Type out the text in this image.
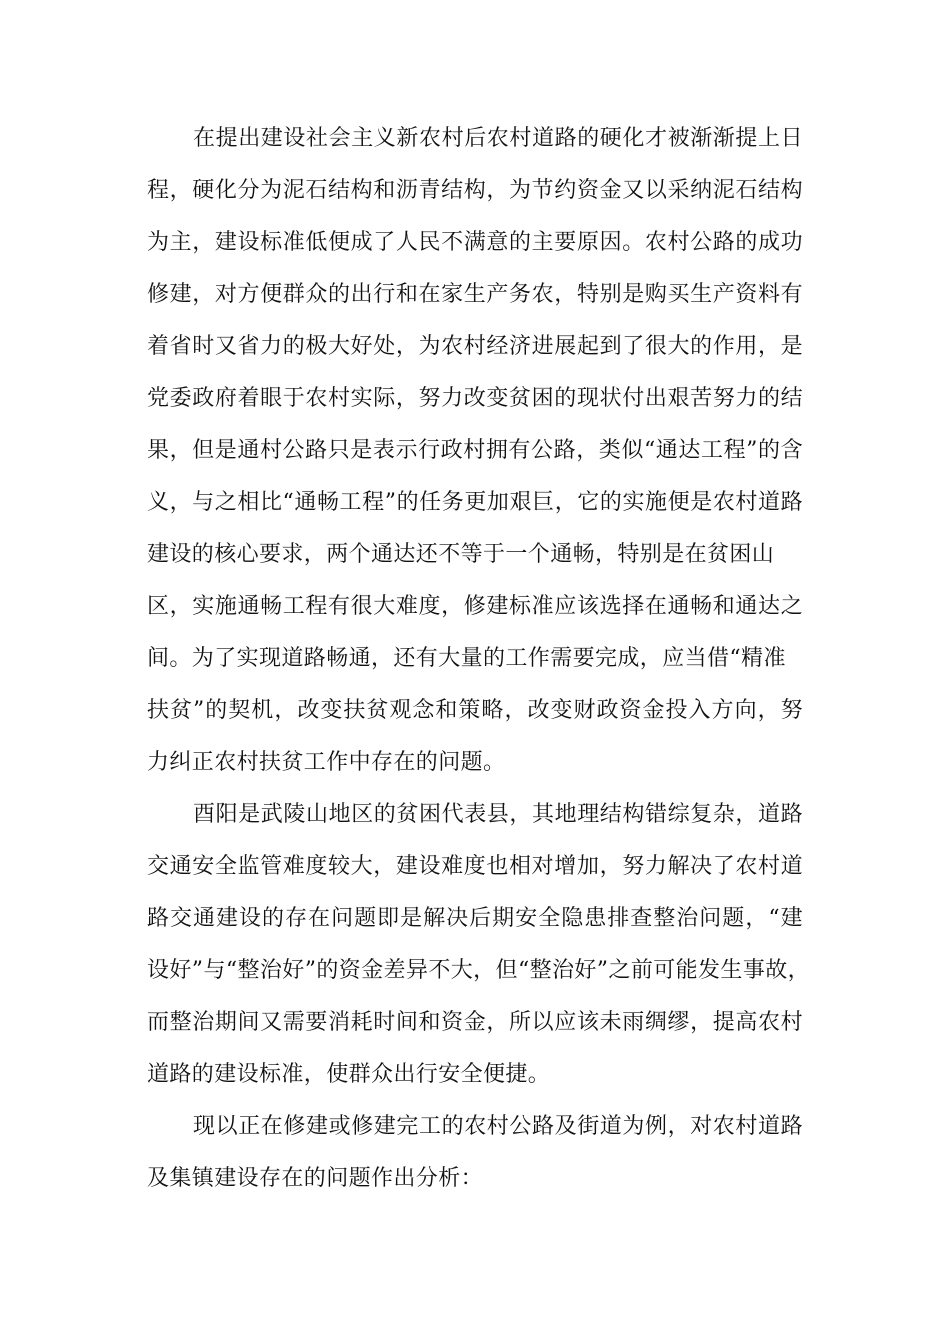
在提出建设社会主义新农村后农村道路的硬化才被渐渐提上日
程，硬化分为泥石结构和沥青结构，为节约资金又以采纳泥石结构
为主，建设标准低便成了人民不满意的主要原因。农村公路的成功
修建，对方便群众的出行和在家生产务农，特别是购买生产资料有
着省时又省力的极大好处，为农村经济进展起到了很大的作用，是
党委政府着眼于农村实际，努力改变贫困的现状付出艰苦努力的结
果，但是通村公路只是表示行政村拥有公路，类似“通达工程”的含
义，与之相比“通畅工程”的任务更加艰巨，它的实施便是农村道路
建设的核心要求，两个通达还不等于一个通畅，特别是在贫困山
区，实施通畅工程有很大难度，修建标准应该选择在通畅和通达之
间。为了实现道路畅通，还有大量的工作需要完成，应当借“精准
扶贫”的契机，改变扶贫观念和策略，改变财政资金投入方向，努
力纠正农村扶贫工作中存在的问题。
酉阳是武陵山地区的贫困代表县，其地理结构错综复杂，道路
交通安全监管难度较大，建设难度也相对增加，努力解决了农村道
路交通建设的存在问题即是解决后期安全隐患排查整治问题，“建
设好”与“整治好”的资金差异不大，但“整治好”之前可能发生事故，
而整治期间又需要消耗时间和资金，所以应该未雨绸缪，提高农村
道路的建设标准，使群众出行安全便捷。
现以正在修建或修建完工的农村公路及街道为例，对农村道路
及集镇建设存在的问题作出分析：
